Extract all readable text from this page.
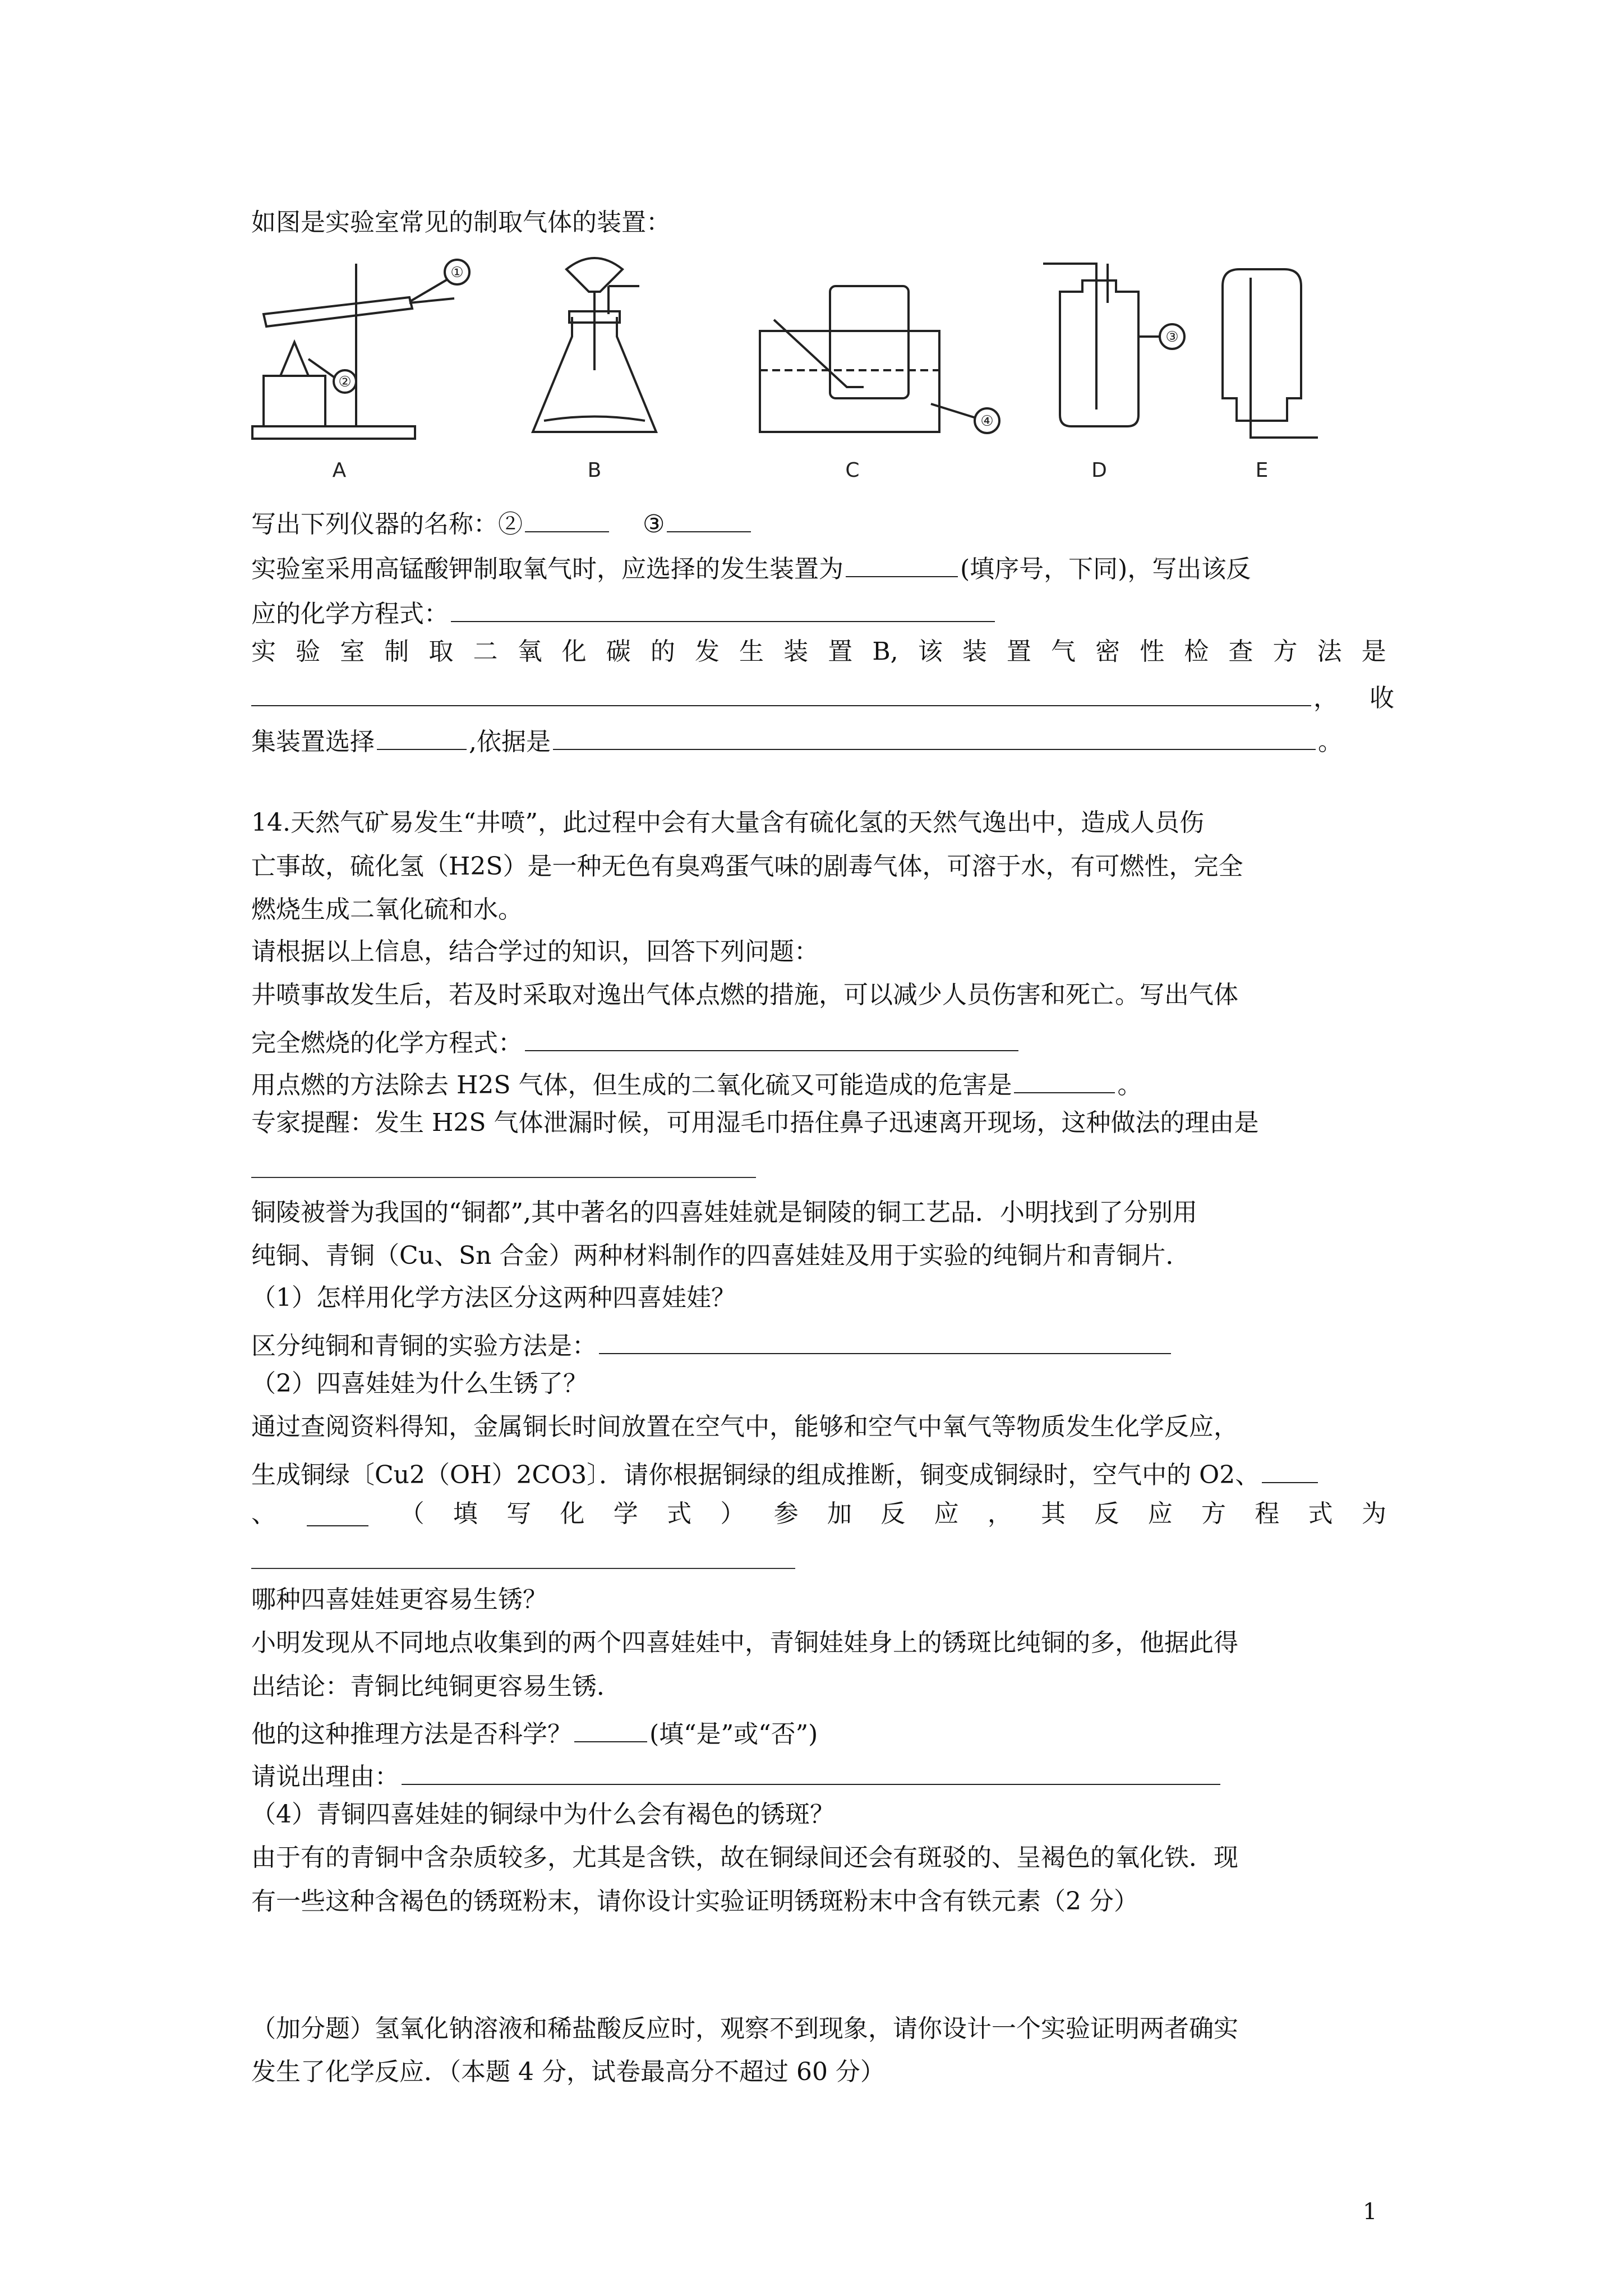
如图是实验室常见的制取气体的装置：
①
②
③
④
A	B	C	D	E
写出下列仪器的名称：②	③
实验室采用高锰酸钾制取氧气时，应选择的发生装置为	(填序号，下同)，写出该反
应的化学方程式：
实 验 室 制 取 二 氧 化 碳 的 发 生 装 置 B, 该 装 置 气 密 性 检 查 方 法 是
， 收
集装置选择	,依据是	。
14.天然气矿易发生“井喷”，此过程中会有大量含有硫化氢的天然气逸出中，造成人员伤
亡事故，硫化氢（H2S）是一种无色有臭鸡蛋气味的剧毒气体，可溶于水，有可燃性，完全
燃烧生成二氧化硫和水。
请根据以上信息，结合学过的知识，回答下列问题：
井喷事故发生后，若及时采取对逸出气体点燃的措施，可以减少人员伤害和死亡。写出气体
完全燃烧的化学方程式：
用点燃的方法除去 H2S 气体，但生成的二氧化硫又可能造成的危害是	。
专家提醒：发生 H2S 气体泄漏时候，可用湿毛巾捂住鼻子迅速离开现场，这种做法的理由是
铜陵被誉为我国的“铜都”,其中著名的四喜娃娃就是铜陵的铜工艺品．小明找到了分别用
纯铜、青铜（Cu、Sn 合金）两种材料制作的四喜娃娃及用于实验的纯铜片和青铜片．
（1）怎样用化学方法区分这两种四喜娃娃？
区分纯铜和青铜的实验方法是：
（2）四喜娃娃为什么生锈了？
通过查阅资料得知，金属铜长时间放置在空气中，能够和空气中氧气等物质发生化学反应，
生成铜绿〔Cu2（OH）2CO3〕．请你根据铜绿的组成推断，铜变成铜绿时，空气中的 O2、
、	（ 填 写 化 学 式 ） 参 加 反 应 ， 其 反 应 方 程 式 为
哪种四喜娃娃更容易生锈？
小明发现从不同地点收集到的两个四喜娃娃中，青铜娃娃身上的锈斑比纯铜的多，他据此得
出结论：青铜比纯铜更容易生锈．
他的这种推理方法是否科学？	(填“是”或“否”)
请说出理由：
（4）青铜四喜娃娃的铜绿中为什么会有褐色的锈斑？
由于有的青铜中含杂质较多，尤其是含铁，故在铜绿间还会有斑驳的、呈褐色的氧化铁．现
有一些这种含褐色的锈斑粉末，请你设计实验证明锈斑粉末中含有铁元素（2 分）
（加分题）氢氧化钠溶液和稀盐酸反应时，观察不到现象，请你设计一个实验证明两者确实
发生了化学反应．（本题 4 分，试卷最高分不超过 60 分）
1
